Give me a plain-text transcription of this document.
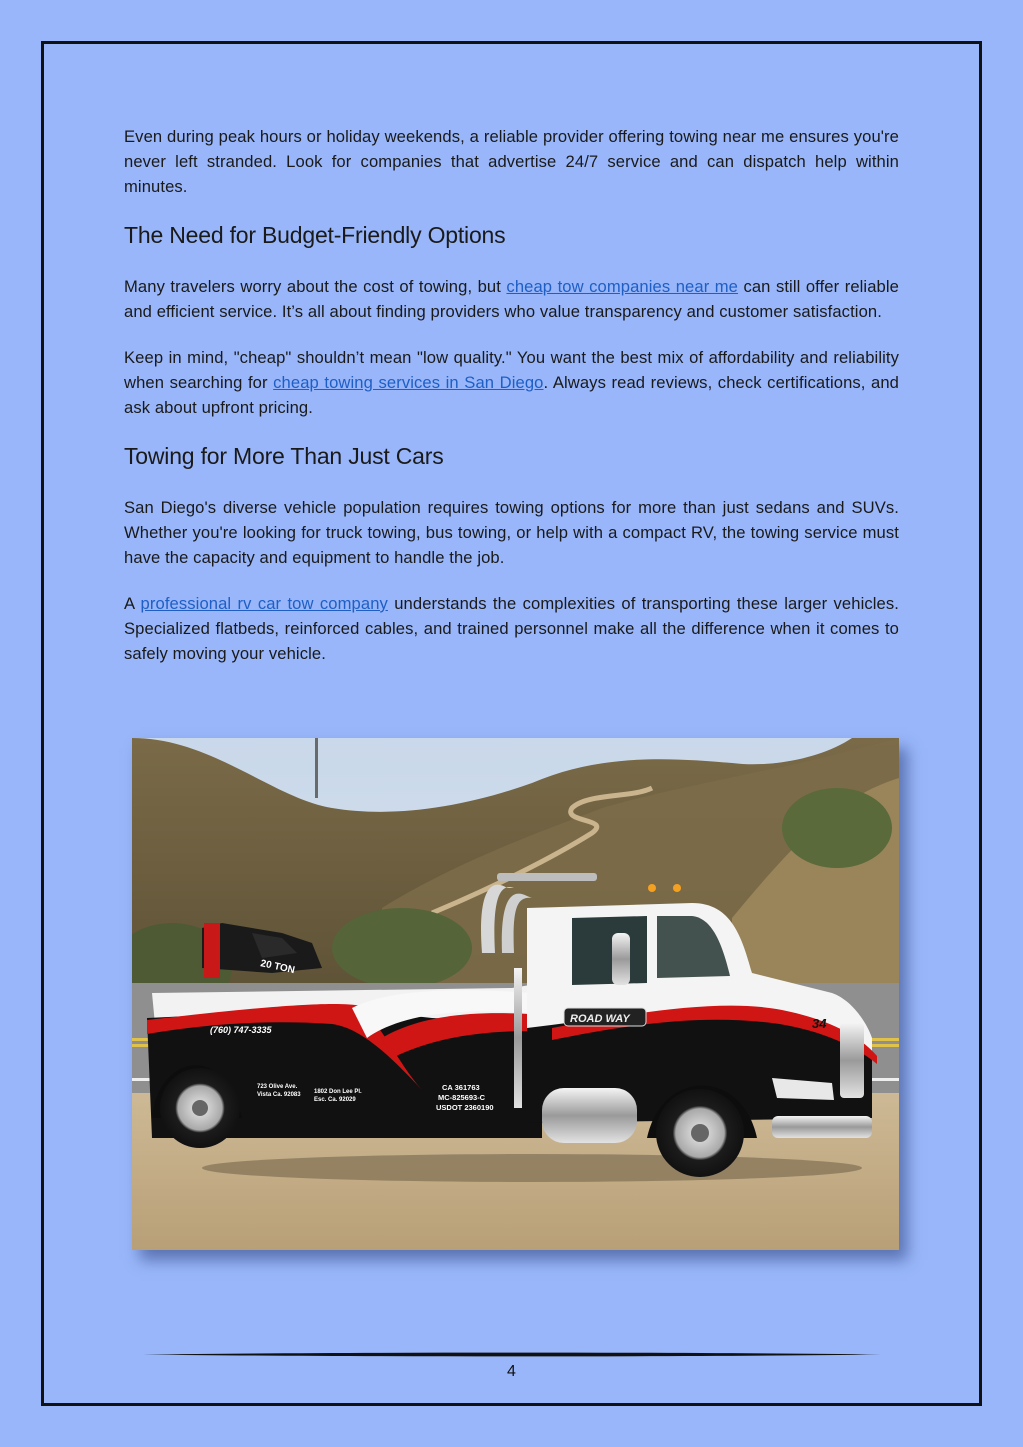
Even during peak hours or holiday weekends, a reliable provider offering towing near me ensures you're never left stranded. Look for companies that advertise 24/7 service and can dispatch help within minutes.

The Need for Budget-Friendly Options

Many travelers worry about the cost of towing, but cheap tow companies near me can still offer reliable and efficient service. It’s all about finding providers who value transparency and customer satisfaction.

Keep in mind, "cheap" shouldn’t mean "low quality." You want the best mix of affordability and reliability when searching for cheap towing services in San Diego. Always read reviews, check certifications, and ask about upfront pricing.

Towing for More Than Just Cars

San Diego's diverse vehicle population requires towing options for more than just sedans and SUVs. Whether you're looking for truck towing, bus towing, or help with a compact RV, the towing service must have the capacity and equipment to handle the job.

A professional rv car tow company understands the complexities of transporting these larger vehicles. Specialized flatbeds, reinforced cables, and trained personnel make all the difference when it comes to safely moving your vehicle.

20 TON
ROAD WAY	34
(760) 747-3335
723 Olive Ave.
Vista Ca. 92083 1802 Don Lee Pl.
Esc. Ca. 92029
CA 361763
MC-825693-C
USDOT 2360190
4
